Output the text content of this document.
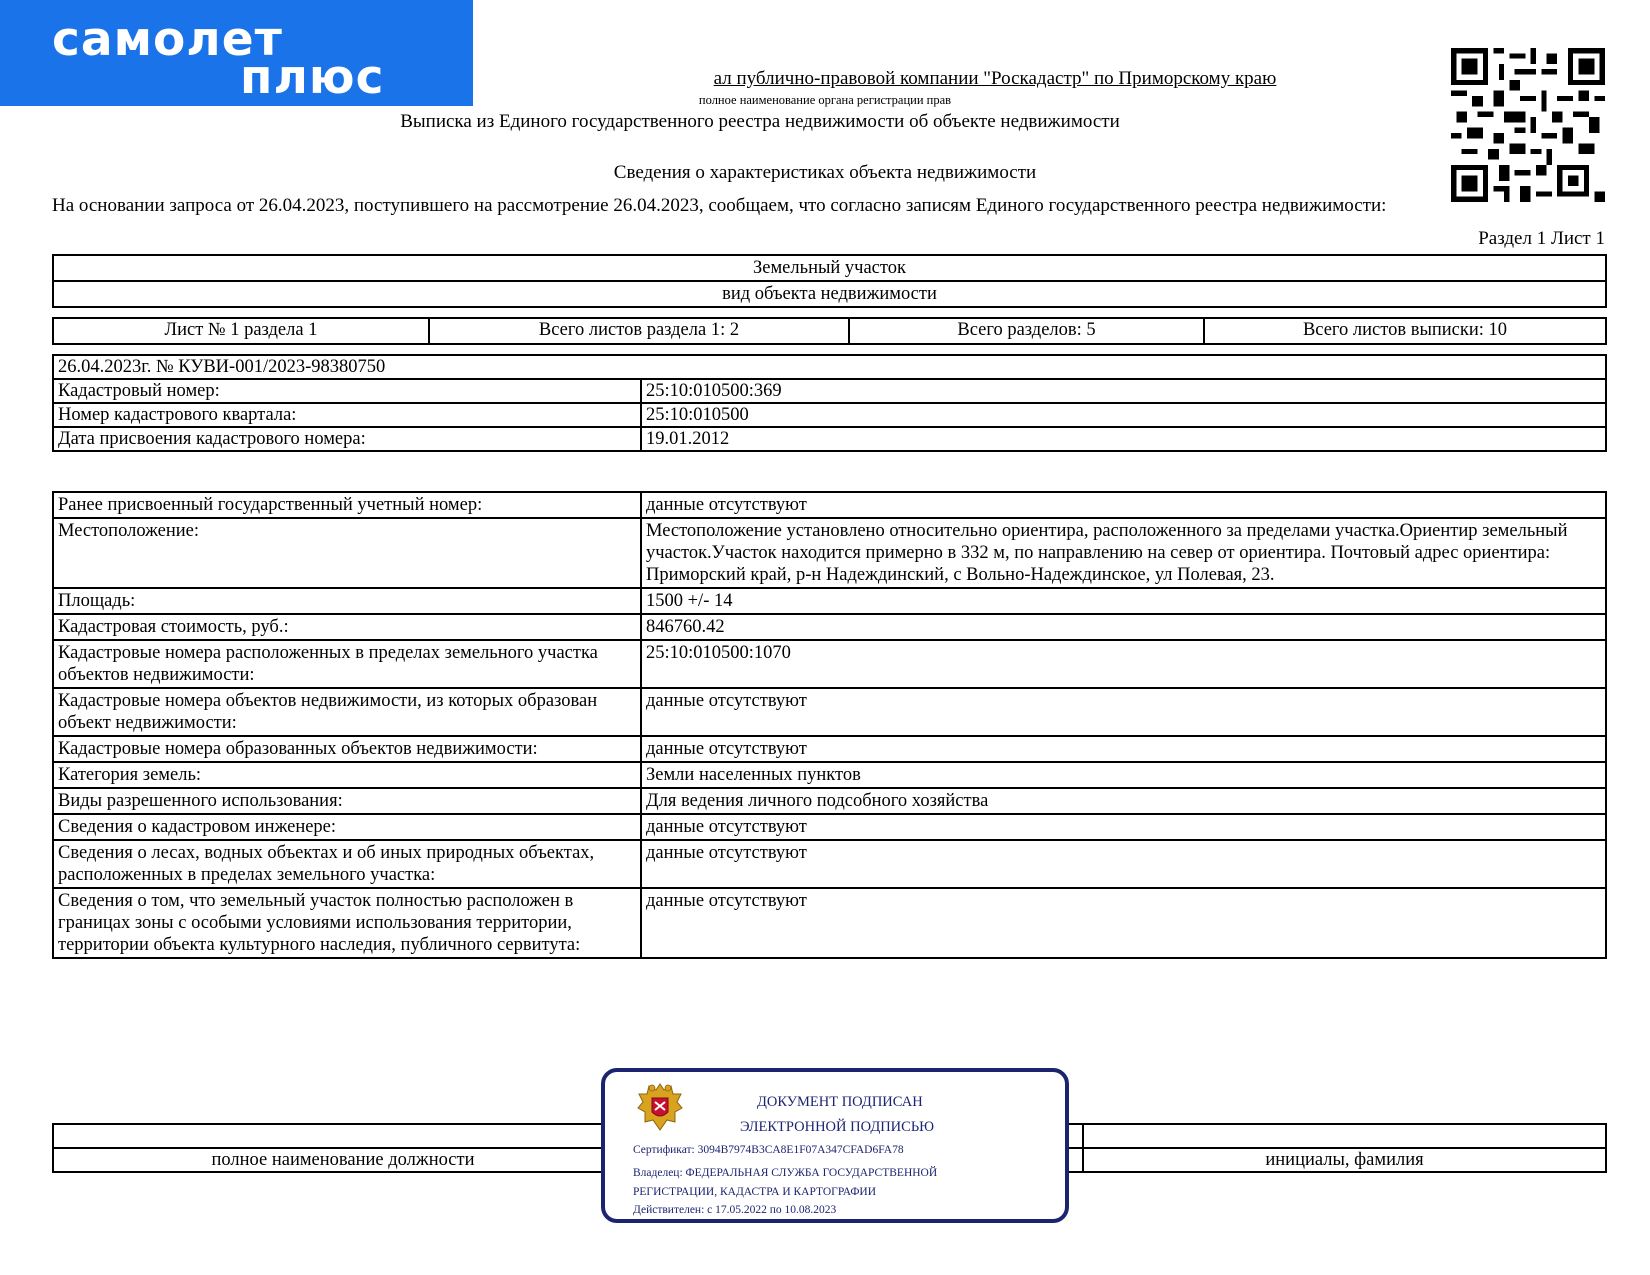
самолет
плюс	ал публично-правовой компании "Роскадастр" по Приморскому краю
полное наименование органа регистрации прав
Выписка из Единого государственного реестра недвижимости об объекте недвижимости
Сведения о характеристиках объекта недвижимости
На основании запроса от 26.04.2023, поступившего на рассмотрение 26.04.2023, сообщаем, что согласно записям Единого государственного реестра недвижимости:
Раздел 1 Лист 1
Земельный участок
вид объекта недвижимости
Лист № 1 раздела 1	Всего листов раздела 1: 2	Всего разделов: 5	Всего листов выписки: 10
26.04.2023г. № КУВИ-001/2023-98380750	
Кадастровый номер:	25:10:010500:369
Номер кадастрового квартала:	25:10:010500
Дата присвоения кадастрового номера:	19.01.2012
Ранее присвоенный государственный учетный номер:	данные отсутствуют
Местоположение:	Местоположение установлено относительно ориентира, расположенного за пределами участка.Ориентир земельный участок.Участок находится примерно в 332 м, по направлению на север от ориентира. Почтовый адрес ориентира: Приморский край, р-н Надеждинский, с Вольно-Надеждинское, ул Полевая, 23.
Площадь:	1500 +/- 14
Кадастровая стоимость, руб.:	846760.42
Кадастровые номера расположенных в пределах земельного участка объектов недвижимости:	25:10:010500:1070
Кадастровые номера объектов недвижимости, из которых образован объект недвижимости:	данные отсутствуют
Кадастровые номера образованных объектов недвижимости:	данные отсутствуют
Категория земель:	Земли населенных пунктов
Виды разрешенного использования:	Для ведения личного подсобного хозяйства
Сведения о кадастровом инженере:	данные отсутствуют
Сведения о лесах, водных объектах и об иных природных объектах, расположенных в пределах земельного участка:	данные отсутствуют
Сведения о том, что земельный участок полностью расположен в границах зоны с особыми условиями использования территории, территории объекта культурного наследия, публичного сервитута:	данные отсутствуют

полное наименование должности		инициалы, фамилия
ДОКУМЕНТ ПОДПИСАН
ЭЛЕКТРОННОЙ ПОДПИСЬЮ
Сертификат: 3094B7974B3CA8E1F07A347CFAD6FA78
Владелец: ФЕДЕРАЛЬНАЯ СЛУЖБА ГОСУДАРСТВЕННОЙ
РЕГИСТРАЦИИ, КАДАСТРА И КАРТОГРАФИИ
Действителен: с 17.05.2022 по 10.08.2023
